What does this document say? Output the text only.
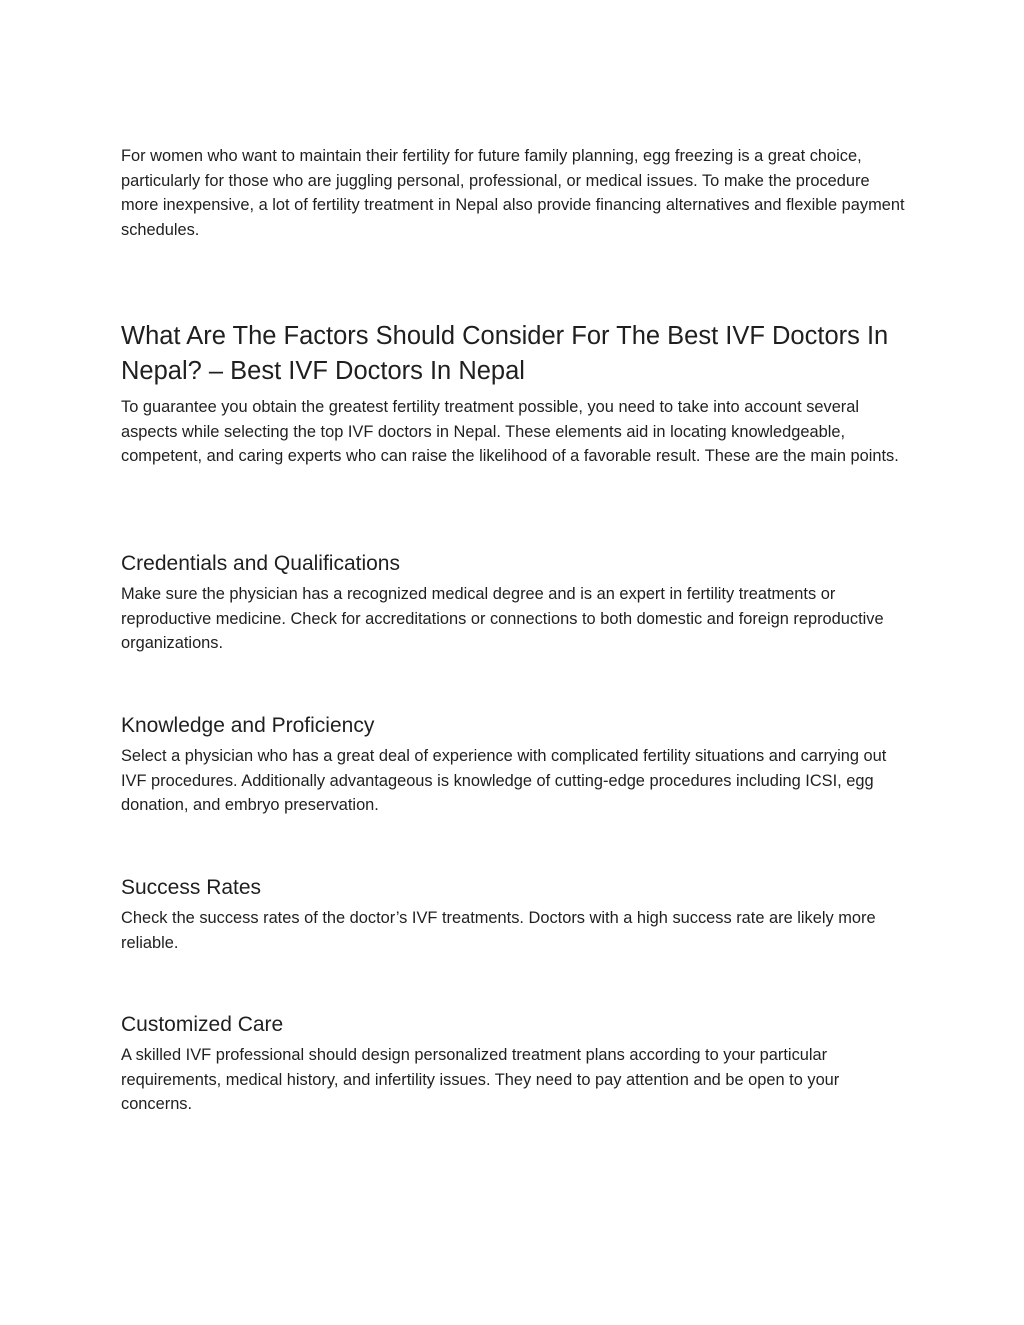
For women who want to maintain their fertility for future family planning, egg freezing is a great choice, particularly for those who are juggling personal, professional, or medical issues. To make the procedure more inexpensive, a lot of fertility treatment in Nepal also provide financing alternatives and flexible payment schedules.

What Are The Factors Should Consider For The Best IVF Doctors In Nepal? – Best IVF Doctors In Nepal

To guarantee you obtain the greatest fertility treatment possible, you need to take into account several aspects while selecting the top IVF doctors in Nepal. These elements aid in locating knowledgeable, competent, and caring experts who can raise the likelihood of a favorable result. These are the main points.

Credentials and Qualifications

Make sure the physician has a recognized medical degree and is an expert in fertility treatments or reproductive medicine. Check for accreditations or connections to both domestic and foreign reproductive organizations.

Knowledge and Proficiency

Select a physician who has a great deal of experience with complicated fertility situations and carrying out IVF procedures. Additionally advantageous is knowledge of cutting-edge procedures including ICSI, egg donation, and embryo preservation.

Success Rates

Check the success rates of the doctor’s IVF treatments. Doctors with a high success rate are likely more reliable.

Customized Care

A skilled IVF professional should design personalized treatment plans according to your particular requirements, medical history, and infertility issues. They need to pay attention and be open to your concerns.
